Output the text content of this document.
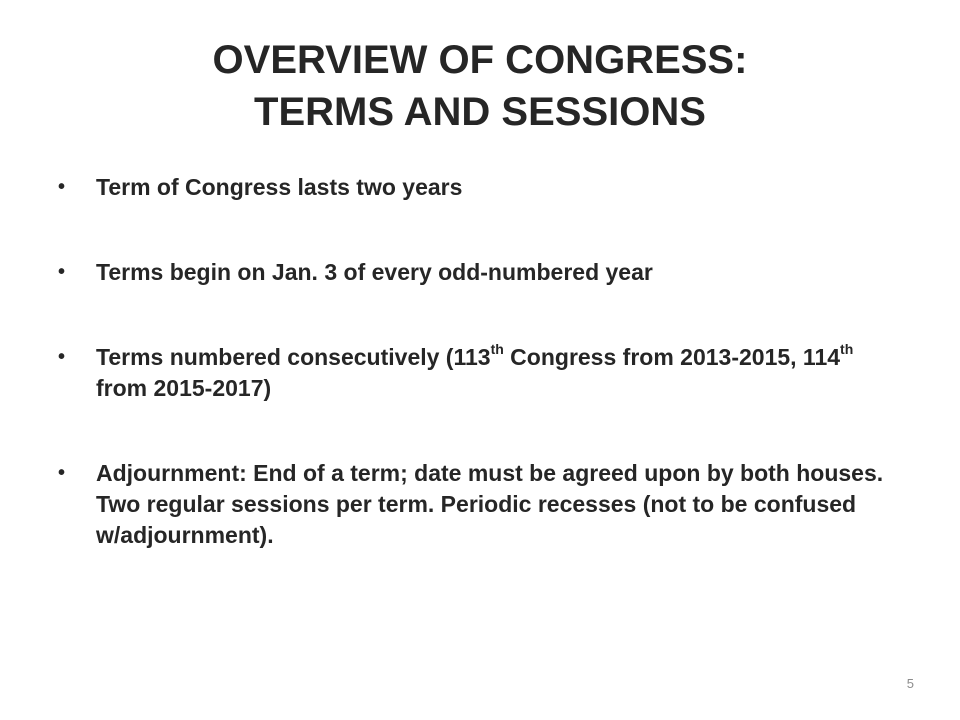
OVERVIEW OF CONGRESS:
TERMS AND SESSIONS
• Term of Congress lasts two years
• Terms begin on Jan. 3 of every odd-numbered year
• Terms numbered consecutively (113th Congress from 2013-2015, 114th from 2015-2017)
• Adjournment: End of a term; date must be agreed upon by both houses. Two regular sessions per term. Periodic recesses (not to be confused w/adjournment).
5
